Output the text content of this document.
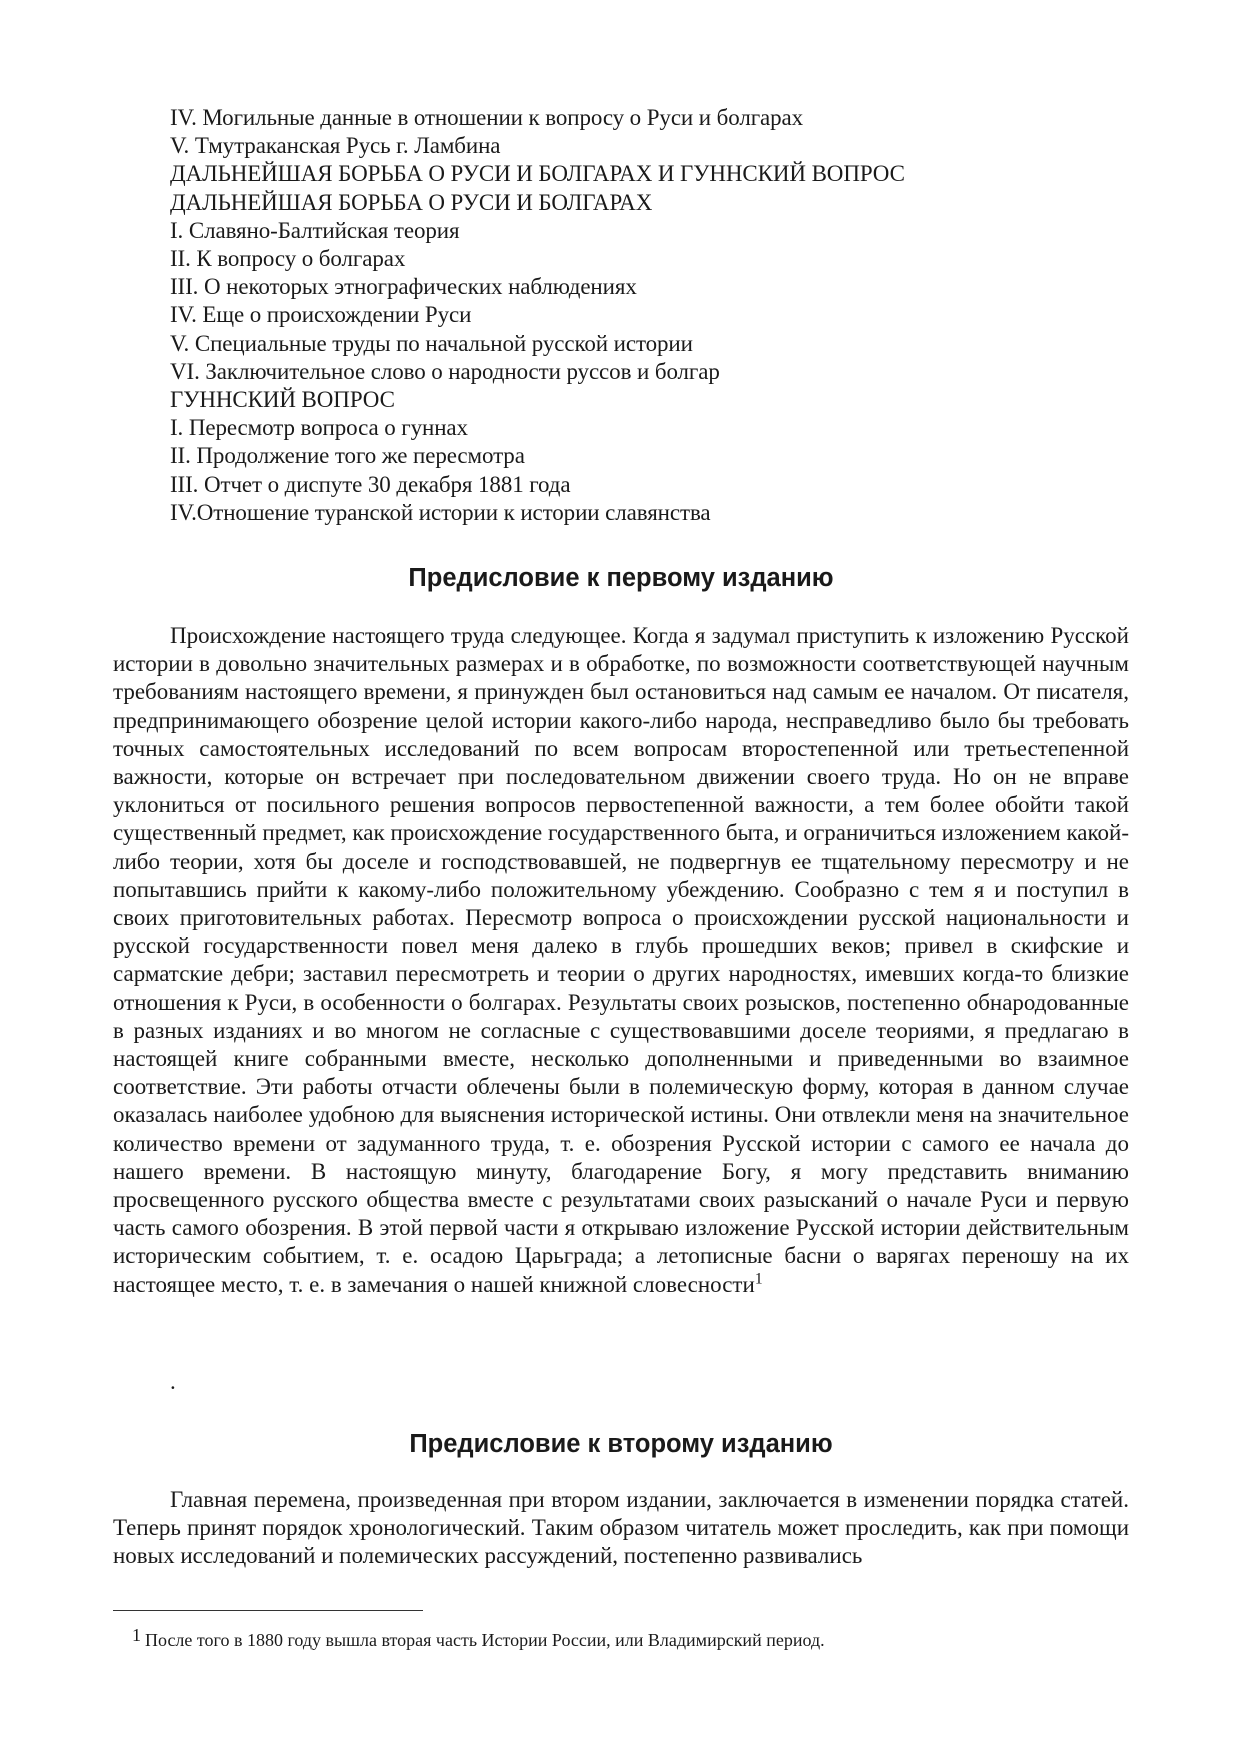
IV. Могильные данные в отношении к вопросу о Руси и болгарах
V. Тмутраканская Русь г. Ламбина
ДАЛЬНЕЙШАЯ БОРЬБА О РУСИ И БОЛГАРАХ И ГУННСКИЙ ВОПРОС
ДАЛЬНЕЙШАЯ БОРЬБА О РУСИ И БОЛГАРАХ
I. Славяно-Балтийская теория
II. К вопросу о болгарах
III. О некоторых этнографических наблюдениях
IV. Еще о происхождении Руси
V. Специальные труды по начальной русской истории
VI. Заключительное слово о народности руссов и болгар
ГУННСКИЙ ВОПРОС
I. Пересмотр вопроса о гуннах
II. Продолжение того же пересмотра
III. Отчет о диспуте 30 декабря 1881 года
IV.Отношение туранской истории к истории славянства
Предисловие к первому изданию

Происхождение настоящего труда следующее. Когда я задумал приступить к изложению Русской истории в довольно значительных размерах и в обработке, по возможности соответствующей научным требованиям настоящего времени, я принужден был остановиться над самым ее началом. От писателя, предпринимающего обозрение целой истории какого-либо народа, несправедливо было бы требовать точных самостоятельных исследований по всем вопросам второстепенной или третьестепенной важности, которые он встречает при последовательном движении своего труда. Но он не вправе уклониться от посильного решения вопросов первостепенной важности, а тем более обойти такой существенный предмет, как происхождение государственного быта, и ограничиться изложением какой-либо теории, хотя бы доселе и господствовавшей, не подвергнув ее тщательному пересмотру и не попытавшись прийти к какому-либо положительному убеждению. Сообразно с тем я и поступил в своих приготовительных работах. Пересмотр вопроса о происхождении русской национальности и русской государственности повел меня далеко в глубь прошедших веков; привел в скифские и сарматские дебри; заставил пересмотреть и теории о других народностях, имевших когда-то близкие отношения к Руси, в особенности о болгарах. Результаты своих розысков, постепенно обнародованные в разных изданиях и во многом не согласные с существовавшими доселе теориями, я предлагаю в настоящей книге собранными вместе, несколько дополненными и приведенными во взаимное соответствие. Эти работы отчасти облечены были в полемическую форму, которая в данном случае оказалась наиболее удобною для выяснения исторической истины. Они отвлекли меня на значительное количество времени от задуманного труда, т. е. обозрения Русской истории с самого ее начала до нашего времени. В настоящую минуту, благодарение Богу, я могу представить вниманию просвещенного русского общества вместе с результатами своих разысканий о начале Руси и первую часть самого обозрения. В этой первой части я открываю изложение Русской истории действительным историческим событием, т. е. осадою Царьграда; а летописные басни о варягах переношу на их настоящее место, т. е. в замечания о нашей книжной словесности$^1$

.
Предисловие к второму изданию

Главная перемена, произведенная при втором издании, заключается в изменении порядка статей. Теперь принят порядок хронологический. Таким образом читатель может проследить, как при помощи новых исследований и полемических рассуждений, постепенно развивались

1 После того в 1880 году вышла вторая часть Истории России, или Владимирский период.
